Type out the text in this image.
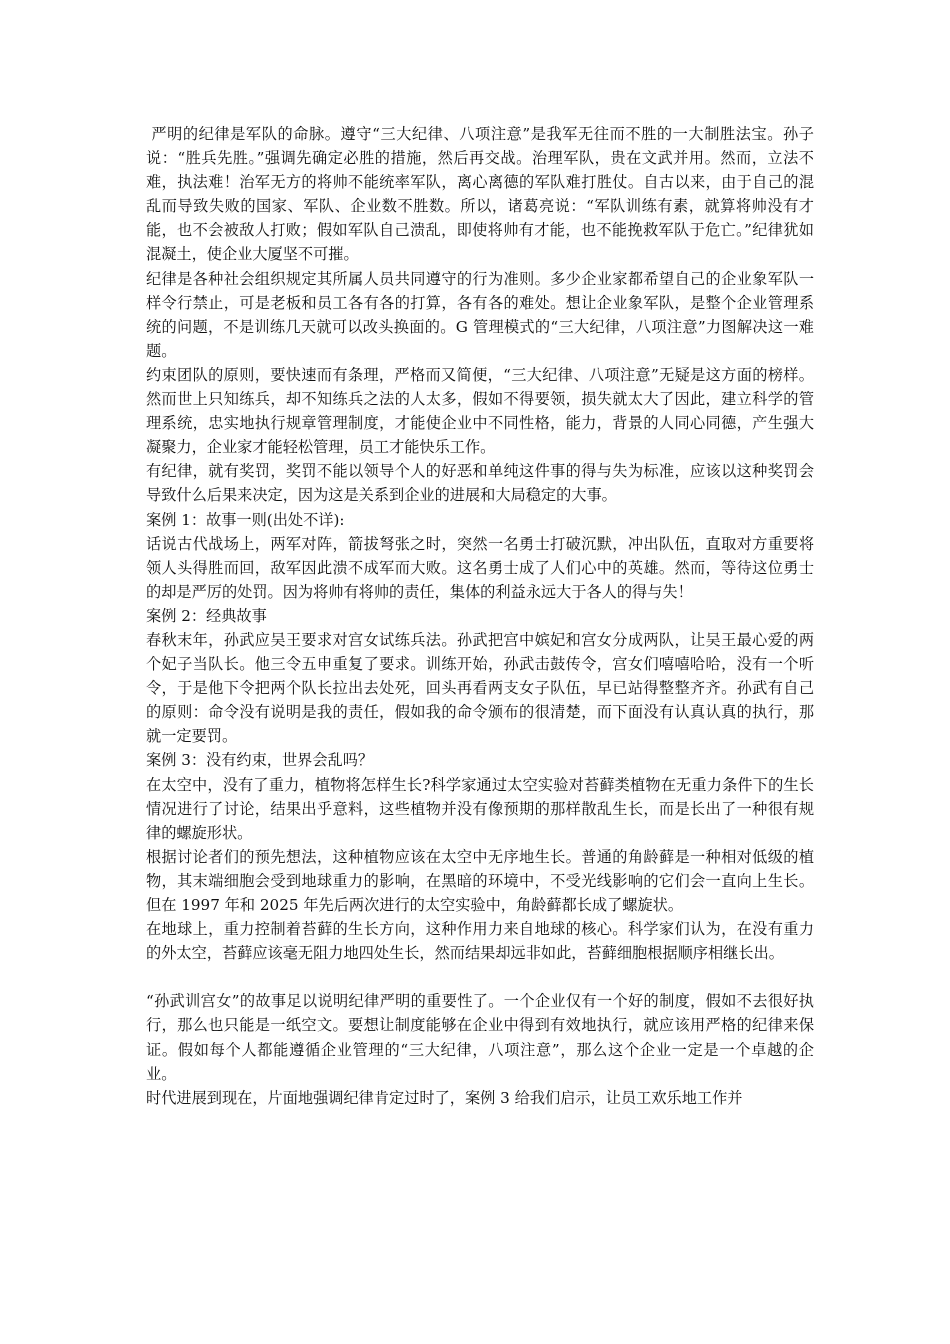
严明的纪律是军队的命脉。遵守“三大纪律、八项注意”是我军无往而不胜的一大制胜法宝。孙子说：“胜兵先胜。”强调先确定必胜的措施，然后再交战。治理军队，贵在文武并用。然而，立法不难，执法难！治军无方的将帅不能统率军队，离心离德的军队难打胜仗。自古以来，由于自己的混乱而导致失败的国家、军队、企业数不胜数。所以，诸葛亮说：“军队训练有素，就算将帅没有才能，也不会被敌人打败；假如军队自己溃乱，即使将帅有才能，也不能挽救军队于危亡。”纪律犹如混凝土，使企业大厦坚不可摧。

纪律是各种社会组织规定其所属人员共同遵守的行为准则。多少企业家都希望自己的企业象军队一样令行禁止，可是老板和员工各有各的打算，各有各的难处。想让企业象军队，是整个企业管理系统的问题，不是训练几天就可以改头换面的。G 管理模式的“三大纪律，八项注意”力图解决这一难题。

约束团队的原则，要快速而有条理，严格而又简便，“三大纪律、八项注意”无疑是这方面的榜样。然而世上只知练兵，却不知练兵之法的人太多，假如不得要领，损失就太大了因此，建立科学的管理系统，忠实地执行规章管理制度，才能使企业中不同性格，能力，背景的人同心同德，产生强大凝聚力，企业家才能轻松管理，员工才能快乐工作。

有纪律，就有奖罚，奖罚不能以领导个人的好恶和单纯这件事的得与失为标准，应该以这种奖罚会导致什么后果来决定，因为这是关系到企业的进展和大局稳定的大事。

案例 1：故事一则(出处不详):

话说古代战场上，两军对阵，箭拔弩张之时，突然一名勇士打破沉默，冲出队伍，直取对方重要将领人头得胜而回，敌军因此溃不成军而大败。这名勇士成了人们心中的英雄。然而，等待这位勇士的却是严厉的处罚。因为将帅有将帅的责任，集体的利益永远大于各人的得与失！

案例 2：经典故事

春秋末年，孙武应吴王要求对宫女试练兵法。孙武把宫中嫔妃和宫女分成两队，让吴王最心爱的两个妃子当队长。他三令五申重复了要求。训练开始，孙武击鼓传令，宫女们嘻嘻哈哈，没有一个听令，于是他下令把两个队长拉出去处死，回头再看两支女子队伍，早已站得整整齐齐。孙武有自己的原则：命令没有说明是我的责任，假如我的命令颁布的很清楚，而下面没有认真认真的执行，那就一定要罚。

案例 3：没有约束，世界会乱吗？

在太空中，没有了重力，植物将怎样生长?科学家通过太空实验对苔藓类植物在无重力条件下的生长情况进行了讨论，结果出乎意料，这些植物并没有像预期的那样散乱生长，而是长出了一种很有规律的螺旋形状。

根据讨论者们的预先想法，这种植物应该在太空中无序地生长。普通的角龄藓是一种相对低级的植物，其末端细胞会受到地球重力的影响，在黑暗的环境中，不受光线影响的它们会一直向上生长。但在 1997 年和 2025 年先后两次进行的太空实验中，角龄藓都长成了螺旋状。

在地球上，重力控制着苔藓的生长方向，这种作用力来自地球的核心。科学家们认为，在没有重力的外太空，苔藓应该毫无阻力地四处生长，然而结果却远非如此，苔藓细胞根据顺序相继长出。

“孙武训宫女”的故事足以说明纪律严明的重要性了。一个企业仅有一个好的制度，假如不去很好执行，那么也只能是一纸空文。要想让制度能够在企业中得到有效地执行，就应该用严格的纪律来保证。假如每个人都能遵循企业管理的“三大纪律，八项注意”，那么这个企业一定是一个卓越的企业。

时代进展到现在，片面地强调纪律肯定过时了，案例 3 给我们启示，让员工欢乐地工作并
